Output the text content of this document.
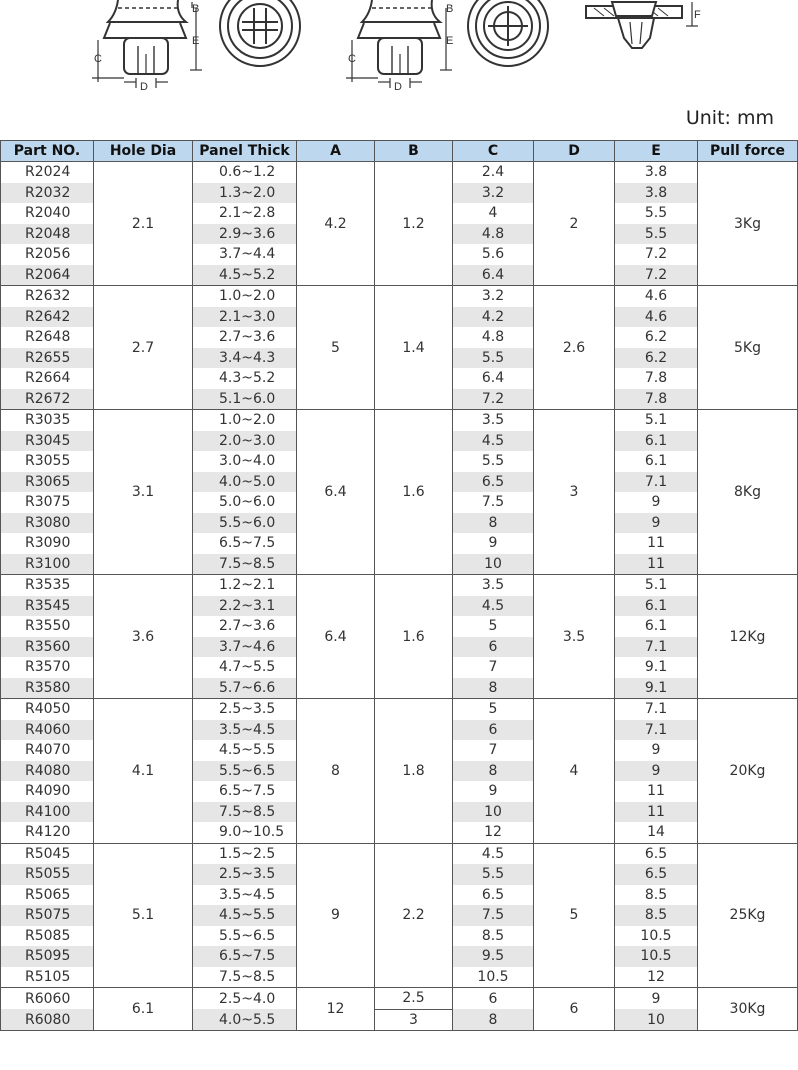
B
E
C
D
B
E
C
D
F
Unit: mm
Part NO.	Hole Dia	Panel Thick	A	B	C	D	E	Pull force
R2024	2.1	0.6~1.2	4.2	1.2	2.4	2	3.8	3Kg
R2032		1.3~2.0			3.2		3.8	
R2040		2.1~2.8			4		5.5	
R2048		2.9~3.6			4.8		5.5	
R2056		3.7~4.4			5.6		7.2	
R2064		4.5~5.2			6.4		7.2	
R2632	2.7	1.0~2.0	5	1.4	3.2	2.6	4.6	5Kg
R2642		2.1~3.0			4.2		4.6	
R2648		2.7~3.6			4.8		6.2	
R2655		3.4~4.3			5.5		6.2	
R2664		4.3~5.2			6.4		7.8	
R2672		5.1~6.0			7.2		7.8	
R3035	3.1	1.0~2.0	6.4	1.6	3.5	3	5.1	8Kg
R3045		2.0~3.0			4.5		6.1	
R3055		3.0~4.0			5.5		6.1	
R3065		4.0~5.0			6.5		7.1	
R3075		5.0~6.0			7.5		9	
R3080		5.5~6.0			8		9	
R3090		6.5~7.5			9		11	
R3100		7.5~8.5			10		11	
R3535	3.6	1.2~2.1	6.4	1.6	3.5	3.5	5.1	12Kg
R3545		2.2~3.1			4.5		6.1	
R3550		2.7~3.6			5		6.1	
R3560		3.7~4.6			6		7.1	
R3570		4.7~5.5			7		9.1	
R3580		5.7~6.6			8		9.1	
R4050	4.1	2.5~3.5	8	1.8	5	4	7.1	20Kg
R4060		3.5~4.5			6		7.1	
R4070		4.5~5.5			7		9	
R4080		5.5~6.5			8		9	
R4090		6.5~7.5			9		11	
R4100		7.5~8.5			10		11	
R4120		9.0~10.5			12		14	
R5045	5.1	1.5~2.5	9	2.2	4.5	5	6.5	25Kg
R5055		2.5~3.5			5.5		6.5	
R5065		3.5~4.5			6.5		8.5	
R5075		4.5~5.5			7.5		8.5	
R5085		5.5~6.5			8.5		10.5	
R5095		6.5~7.5			9.5		10.5	
R5105		7.5~8.5			10.5		12	
R6060	6.1	2.5~4.0	12	2.5	6	6	9	30Kg
R6080		4.0~5.5		3	8		10	
